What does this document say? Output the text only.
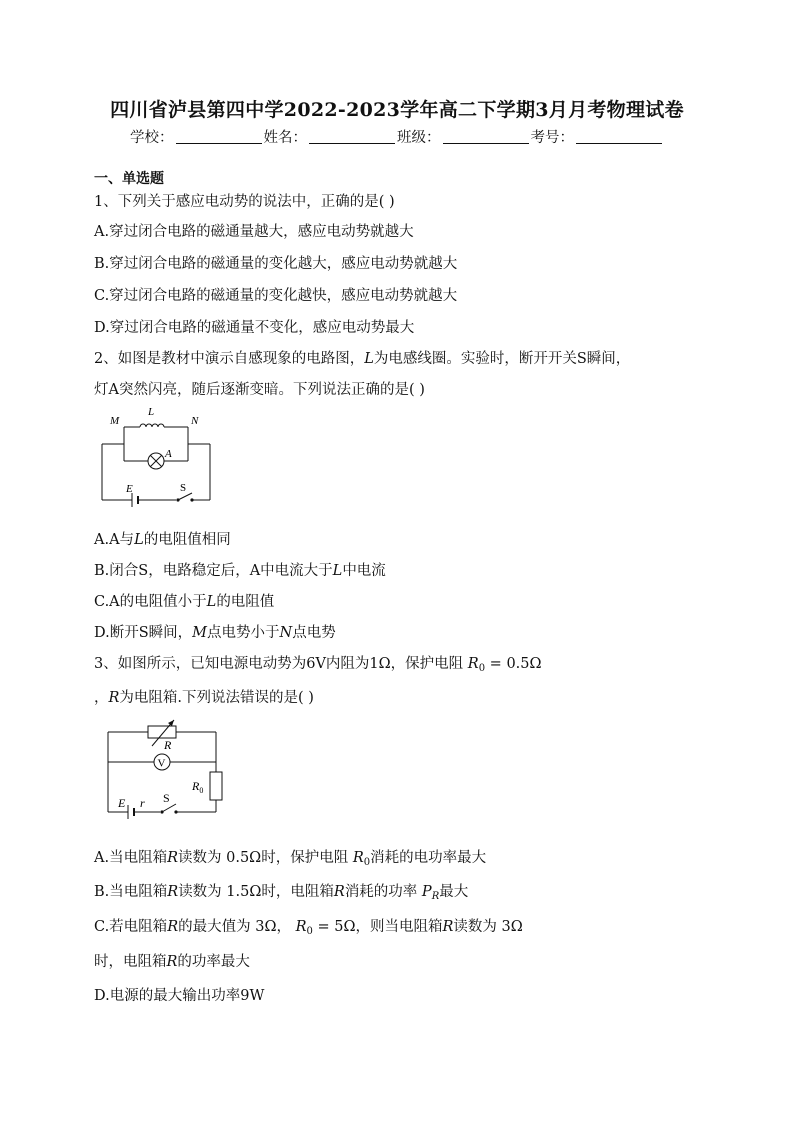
四川省泸县第四中学2022-2023学年高二下学期3月月考物理试卷
学校：	姓名：	班级：	考号：
一、单选题
1、下列关于感应电动势的说法中，正确的是( )
A.穿过闭合电路的磁通量越大，感应电动势就越大
B.穿过闭合电路的磁通量的变化越大，感应电动势就越大
C.穿过闭合电路的磁通量的变化越快，感应电动势就越大
D.穿过闭合电路的磁通量不变化，感应电动势最大
2、如图是教材中演示自感现象的电路图，L为电感线圈。实验时，断开开关S瞬间，
灯A突然闪亮，随后逐渐变暗。下列说法正确的是( )
M
L
N
A
E	S
A.A与L的电阻值相同
B.闭合S，电路稳定后，A中电流大于L中电流
C.A的电阻值小于L的电阻值
D.断开S瞬间，M点电势小于N点电势
3、如图所示，已知电源电动势为6V内阻为1Ω，保护电阻 $R_0 = 0.5\Omega$
，R为电阻箱.下列说法错误的是( )
R
V
$R_0$
E r S
A.当电阻箱R读数为 0.5Ω时，保护电阻 $R_0$消耗的电功率最大
B.当电阻箱R读数为 1.5Ω时，电阻箱R消耗的功率 $P_R$最大
C.若电阻箱R的最大值为 3Ω， $R_0 = 5\Omega$，则当电阻箱R读数为 3Ω
时，电阻箱R的功率最大
D.电源的最大输出功率9W
